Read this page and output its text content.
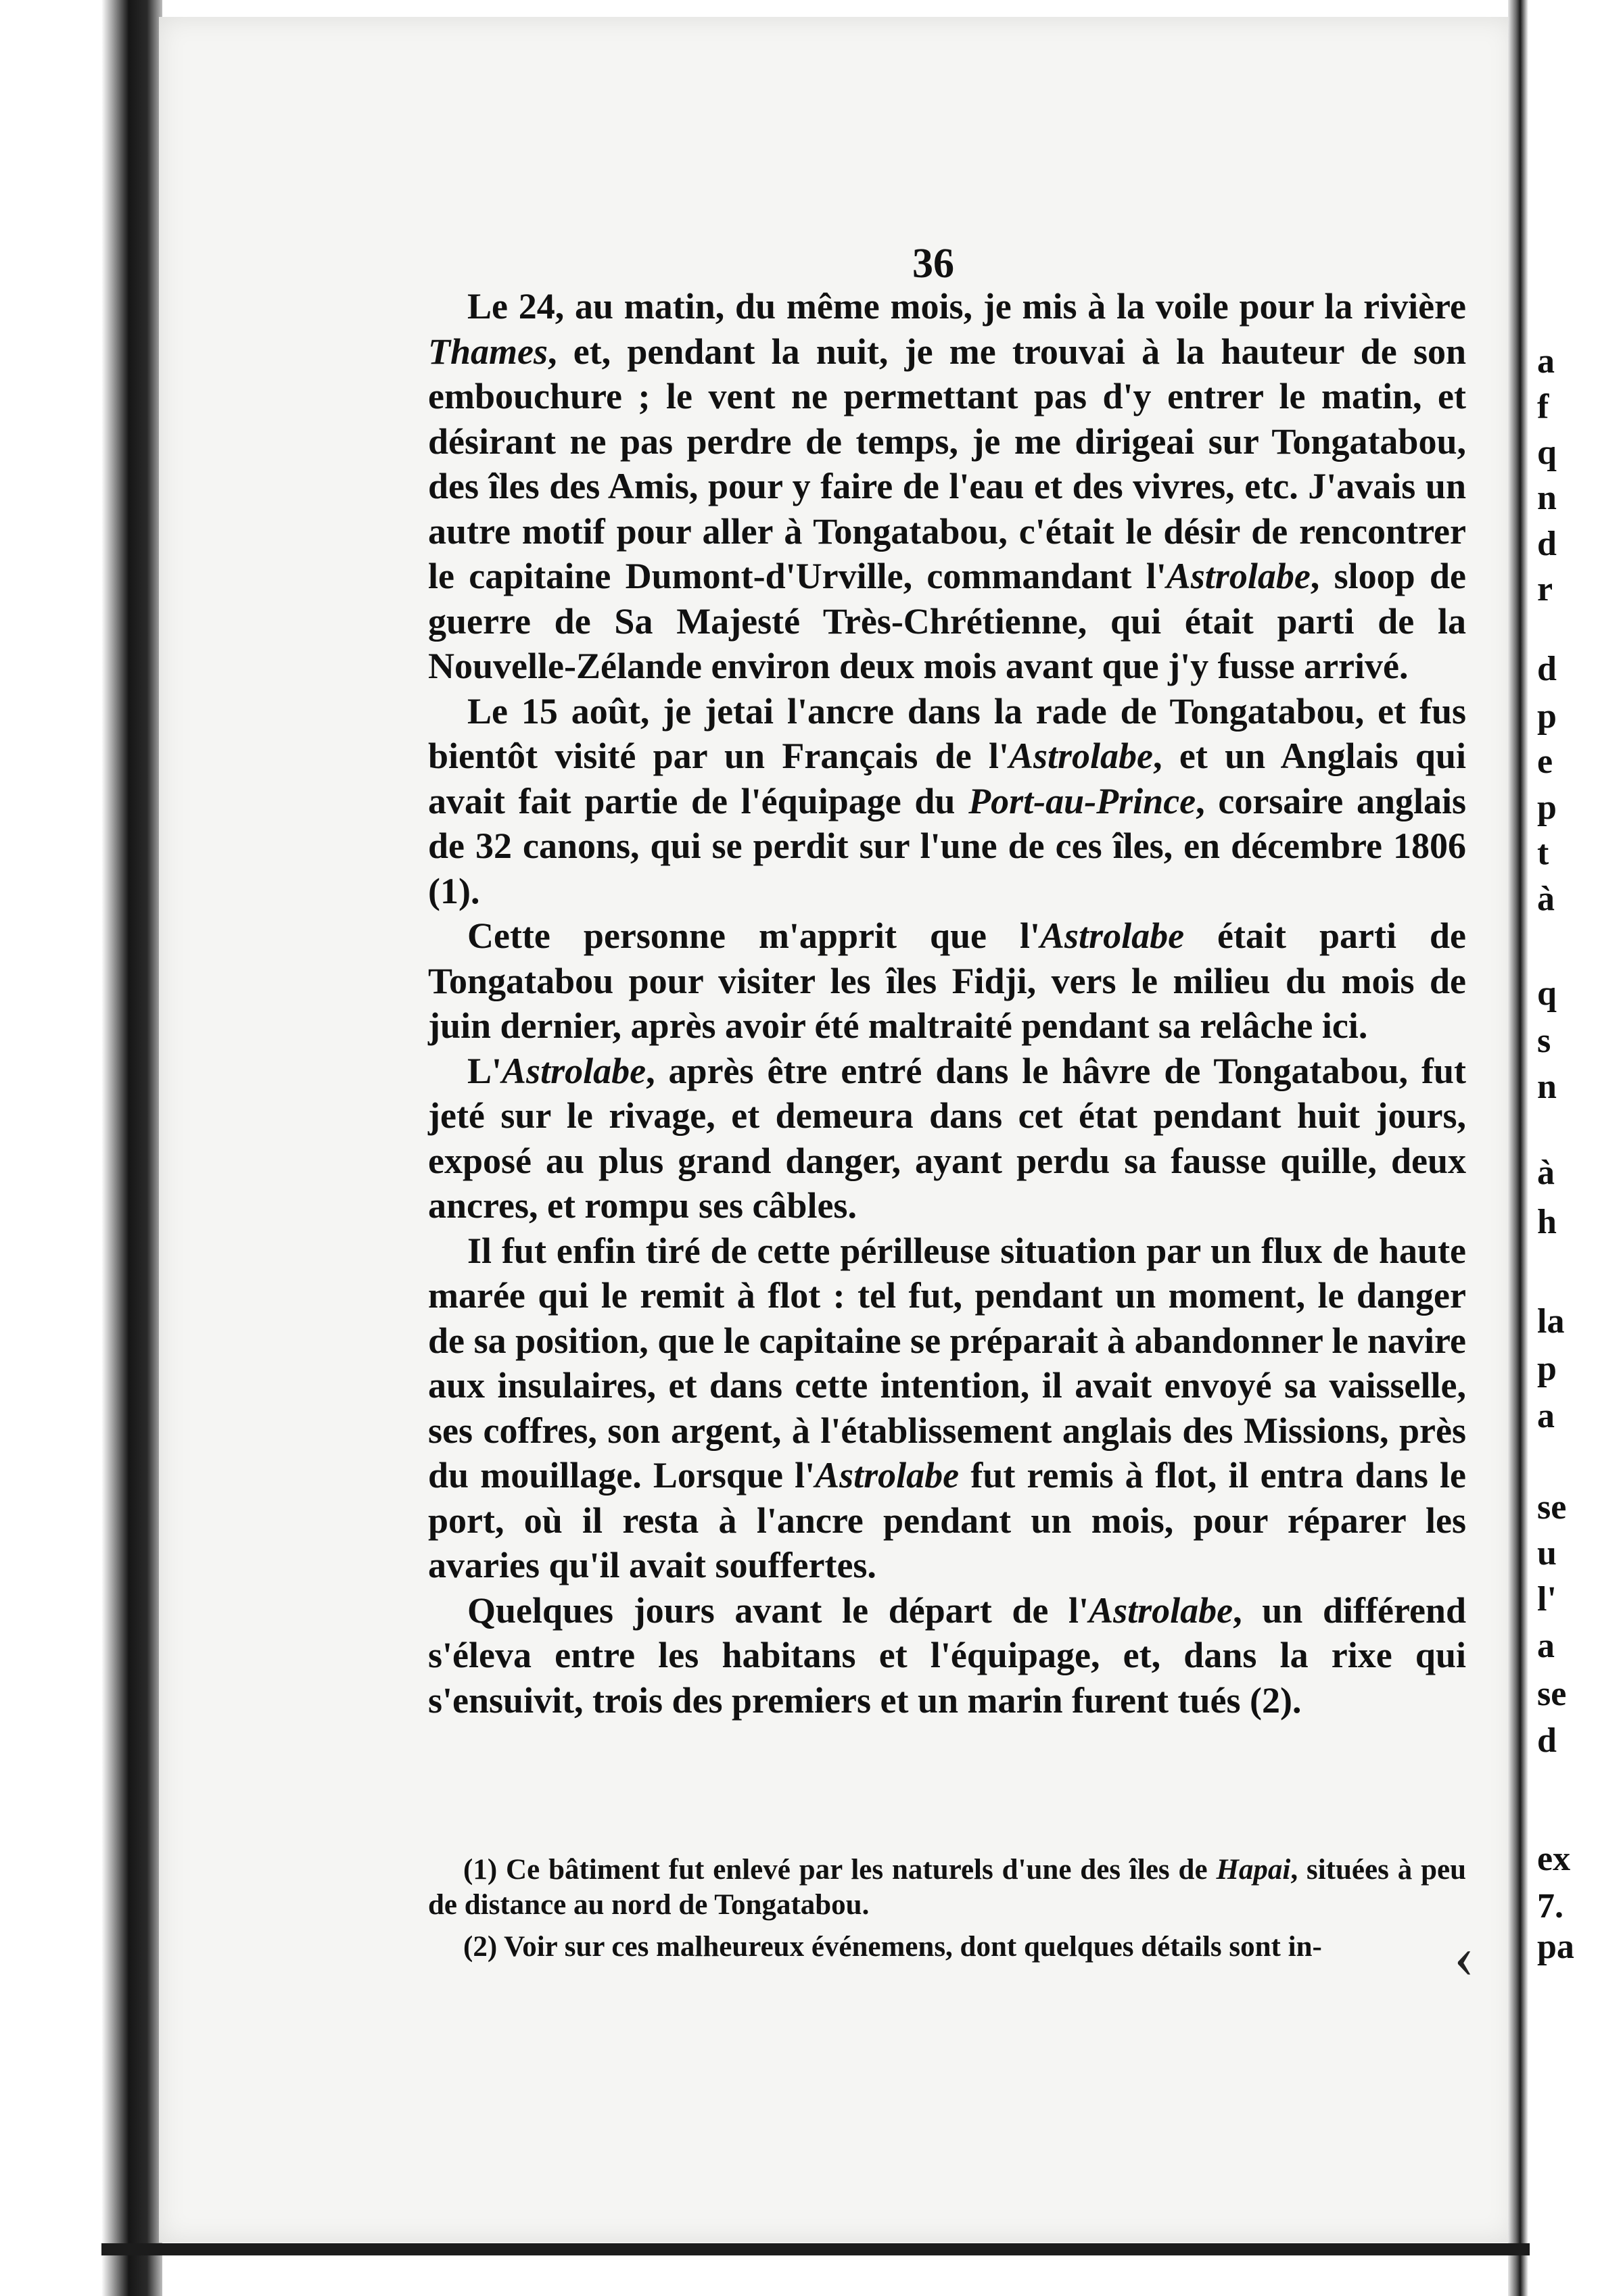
‹
36

Le 24, au matin, du même mois, je mis à la voile pour la rivière Thames, et, pendant la nuit, je me trouvai à la hauteur de son embouchure ; le vent ne permettant pas d'y entrer le matin, et désirant ne pas perdre de temps, je me dirigeai sur Tongatabou, des îles des Amis, pour y faire de l'eau et des vivres, etc. J'avais un autre motif pour aller à Tongatabou, c'était le désir de rencontrer le capitaine Dumont-d'Urville, commandant l'Astrolabe, sloop de guerre de Sa Majesté Très-Chrétienne, qui était parti de la Nouvelle-Zélande environ deux mois avant que j'y fusse arrivé.

Le 15 août, je jetai l'ancre dans la rade de Tongatabou, et fus bientôt visité par un Français de l'Astrolabe, et un Anglais qui avait fait partie de l'équipage du Port-au-Prince, corsaire anglais de 32 canons, qui se perdit sur l'une de ces îles, en décembre 1806 (1).

Cette personne m'apprit que l'Astrolabe était parti de Tongatabou pour visiter les îles Fidji, vers le milieu du mois de juin dernier, après avoir été maltraité pendant sa relâche ici.

L'Astrolabe, après être entré dans le hâvre de Tongatabou, fut jeté sur le rivage, et demeura dans cet état pendant huit jours, exposé au plus grand danger, ayant perdu sa fausse quille, deux ancres, et rompu ses câbles.

Il fut enfin tiré de cette périlleuse situation par un flux de haute marée qui le remit à flot : tel fut, pendant un moment, le danger de sa position, que le capitaine se préparait à abandonner le navire aux insulaires, et dans cette intention, il avait envoyé sa vaisselle, ses coffres, son argent, à l'établissement anglais des Missions, près du mouillage. Lorsque l'Astrolabe fut remis à flot, il entra dans le port, où il resta à l'ancre pendant un mois, pour réparer les avaries qu'il avait souffertes.

Quelques jours avant le départ de l'Astrolabe, un différend s'éleva entre les habitans et l'équipage, et, dans la rixe qui s'ensuivit, trois des premiers et un marin furent tués (2).

(1) Ce bâtiment fut enlevé par les naturels d'une des îles de Hapai, situées à peu de distance au nord de Tongatabou.

(2) Voir sur ces malheureux événemens, dont quelques détails sont in-

a
f
q
n
d
r
d
p
e
p
t
à
q
s
n
à
h
la
p
a
se
u
l'
a
se
d
ex
7.
pa
